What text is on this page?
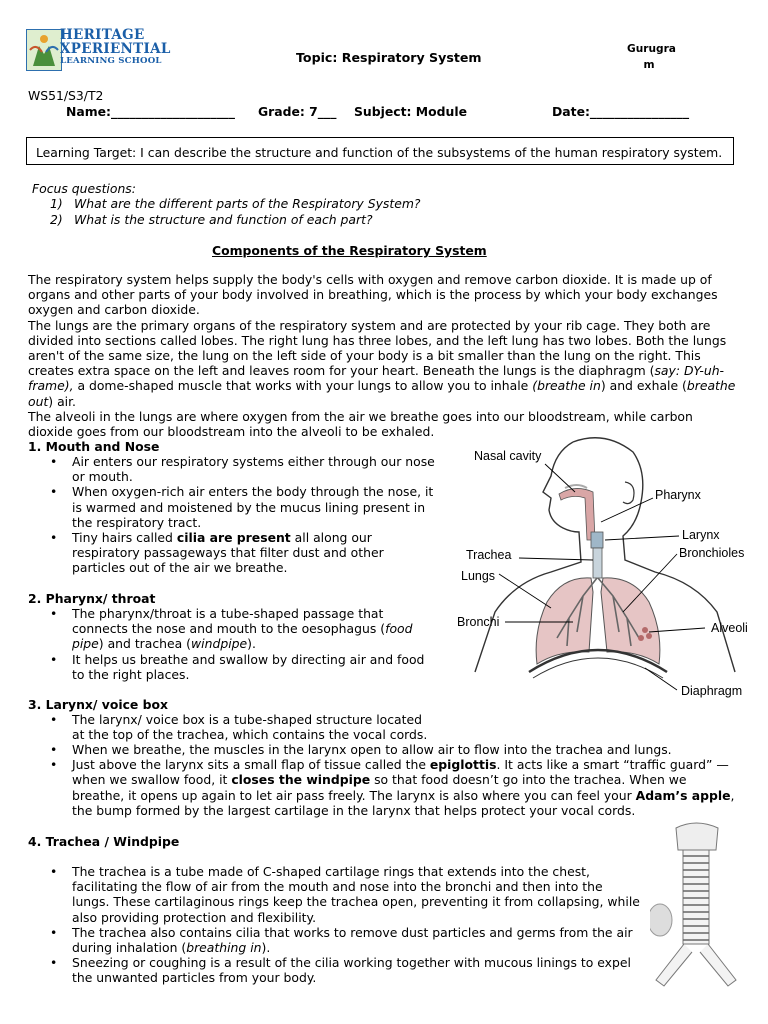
HERITAGE
XPERIENTIAL
LEARNING SCHOOL	Topic: Respiratory System
Gurugra
m
WS51/S3/T2
Name:____________________ Grade: 7___ Subject: Module	Date:________________
Learning Target: I can describe the structure and function of the subsystems of the human respiratory system.
Focus questions:
1) What are the different parts of the Respiratory System?
2) What is the structure and function of each part?
Components of the Respiratory System

The respiratory system helps supply the body's cells with oxygen and remove carbon dioxide. It is made up of organs and other parts of your body involved in breathing, which is the process by which your body exchanges oxygen and carbon dioxide.

The lungs are the primary organs of the respiratory system and are protected by your rib cage. They both are divided into sections called lobes. The right lung has three lobes, and the left lung has two lobes. Both the lungs aren't of the same size, the lung on the left side of your body is a bit smaller than the lung on the right. This creates extra space on the left and leaves room for your heart. Beneath the lungs is the diaphragm (say: DY-uh-frame), a dome-shaped muscle that works with your lungs to allow you to inhale (breathe in) and exhale (breathe out) air.

The alveoli in the lungs are where oxygen from the air we breathe goes into our bloodstream, while carbon dioxide goes from our bloodstream into the alveoli to be exhaled.

1. Mouth and Nose
• Air enters our respiratory systems either through our nose or mouth.
• When oxygen-rich air enters the body through the nose, it is warmed and moistened by the mucus lining present in the respiratory tract.
• Tiny hairs called cilia are present all along our respiratory passageways that filter dust and other particles out of the air we breathe.
2. Pharynx/ throat
• The pharynx/throat is a tube-shaped passage that connects the nose and mouth to the oesophagus (food pipe) and trachea (windpipe).
• It helps us breathe and swallow by directing air and food to the right places.
3. Larynx/ voice box
• The larynx/ voice box is a tube-shaped structure located at the top of the trachea, which contains the vocal cords.
• When we breathe, the muscles in the larynx open to allow air to flow into the trachea and lungs.
• Just above the larynx sits a small flap of tissue called the epiglottis. It acts like a smart “traffic guard” — when we swallow food, it closes the windpipe so that food doesn’t go into the trachea. When we breathe, it opens up again to let air pass freely. The larynx is also where you can feel your Adam’s apple, the bump formed by the largest cartilage in the larynx that helps protect your vocal cords.
4. Trachea / Windpipe
• The trachea is a tube made of C-shaped cartilage rings that extends into the chest, facilitating the flow of air from the mouth and nose into the bronchi and then into the lungs. These cartilaginous rings keep the trachea open, preventing it from collapsing, while also providing protection and flexibility.
• The trachea also contains cilia that works to remove dust particles and germs from the air during inhalation (breathing in).
• Sneezing or coughing is a result of the cilia working together with mucous linings to expel the unwanted particles from your body.
Nasal cavity
Pharynx
Larynx
Trachea	Bronchioles
Lungs
Bronchi	Alveoli
Diaphragm
